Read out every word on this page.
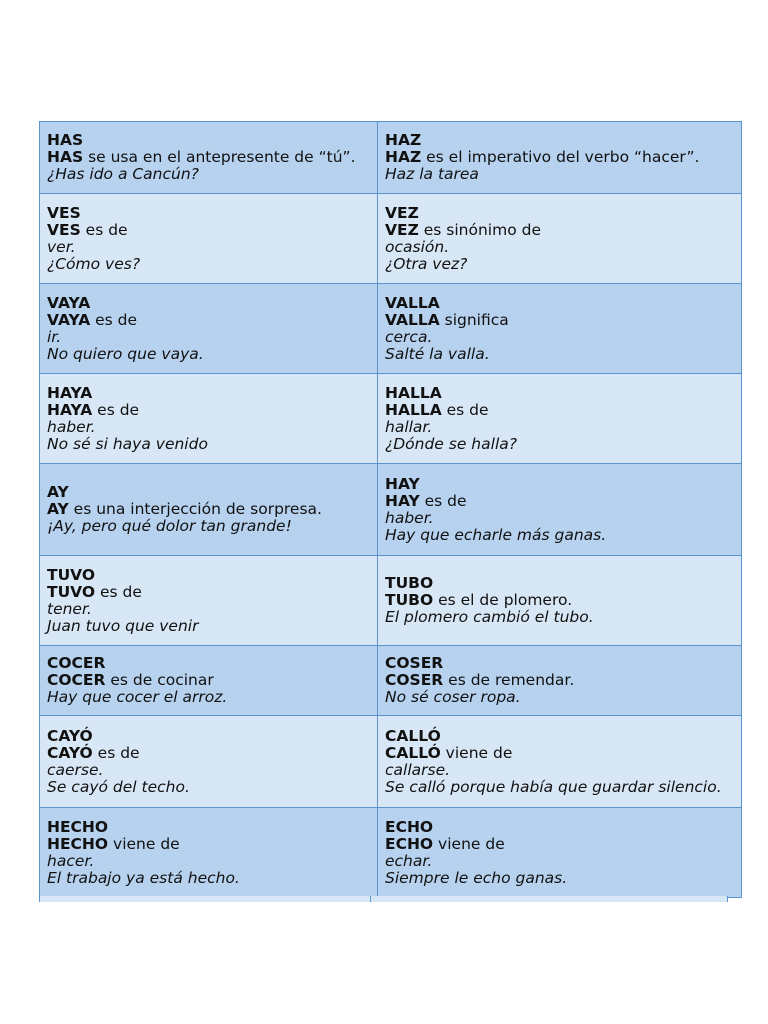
HAS
HAS se usa en el antepresente de “tú”.
¿Has ido a Cancún?	HAZ
HAZ es el imperativo del verbo “hacer”.
Haz la tarea

VES
VES es de
ver.
¿Cómo ves?	VEZ
VEZ es sinónimo de
ocasión.
¿Otra vez?

VAYA
VAYA es de
ir.
No quiero que vaya.	VALLA
VALLA significa
cerca.
Salté la valla.

HAYA
HAYA es de
haber.
No sé si haya venido	HALLA
HALLA es de
hallar.
¿Dónde se halla?

AY
AY es una interjección de sorpresa.
¡Ay, pero qué dolor tan grande!	HAY
HAY es de
haber.
Hay que echarle más ganas.

TUVO
TUVO es de
tener.
Juan tuvo que venir	TUBO
TUBO es el de plomero.
El plomero cambió el tubo.

COCER
COCER es de cocinar
Hay que cocer el arroz.	COSER
COSER es de remendar.
No sé coser ropa.

CAYÓ
CAYÓ es de
caerse.
Se cayó del techo.	CALLÓ
CALLÓ viene de
callarse.
Se calló porque había que guardar silencio.

HECHO
HECHO viene de
hacer.
El trabajo ya está hecho.	ECHO
ECHO viene de
echar.
Siempre le echo ganas.
